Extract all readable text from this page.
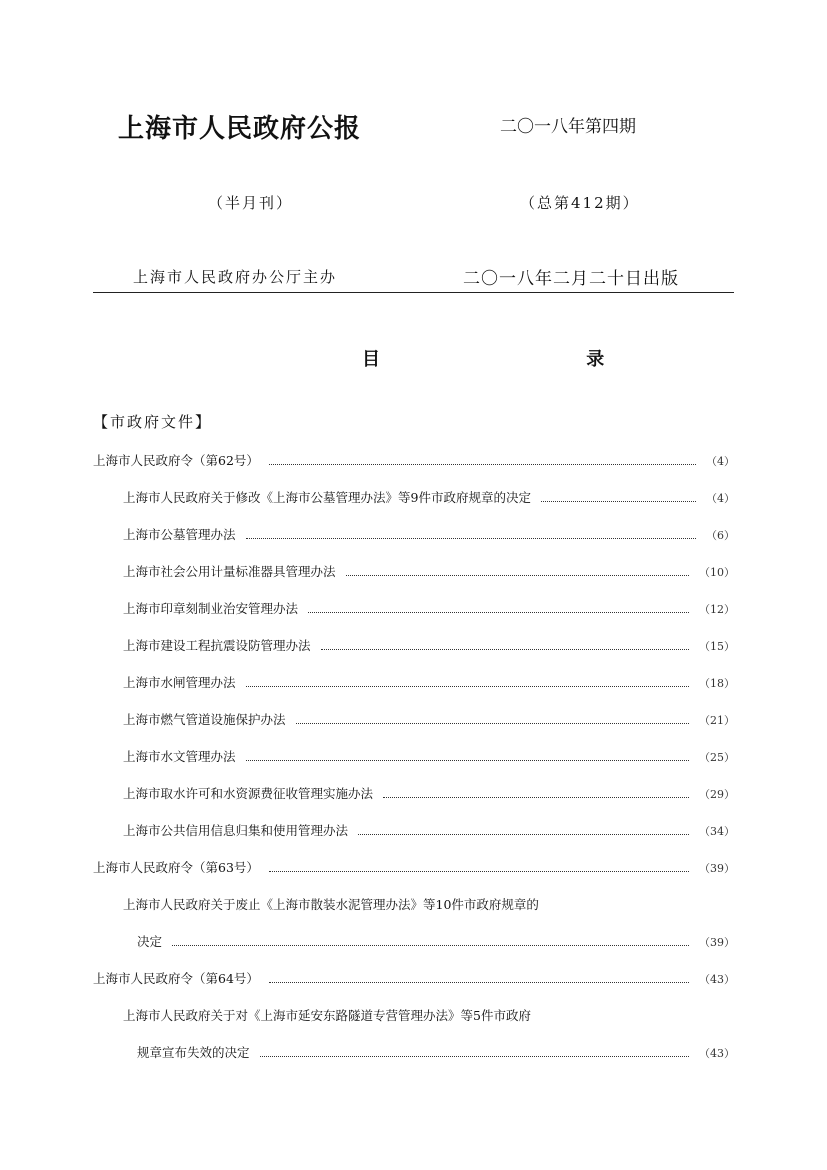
上海市人民政府公报	二〇一八年第四期
（半月刊）	（总第412期）
上海市人民政府办公厅主办	二〇一八年二月二十日出版
目 录
【市政府文件】
上海市人民政府令（第62号）	（4）
上海市人民政府关于修改《上海市公墓管理办法》等9件市政府规章的决定	（4）
上海市公墓管理办法	（6）
上海市社会公用计量标准器具管理办法	（10）
上海市印章刻制业治安管理办法	（12）
上海市建设工程抗震设防管理办法	（15）
上海市水闸管理办法	（18）
上海市燃气管道设施保护办法	（21）
上海市水文管理办法	（25）
上海市取水许可和水资源费征收管理实施办法	（29）
上海市公共信用信息归集和使用管理办法	（34）
上海市人民政府令（第63号）	（39）
上海市人民政府关于废止《上海市散装水泥管理办法》等10件市政府规章的
决定	（39）
上海市人民政府令（第64号）	（43）
上海市人民政府关于对《上海市延安东路隧道专营管理办法》等5件市政府
规章宣布失效的决定	（43）
